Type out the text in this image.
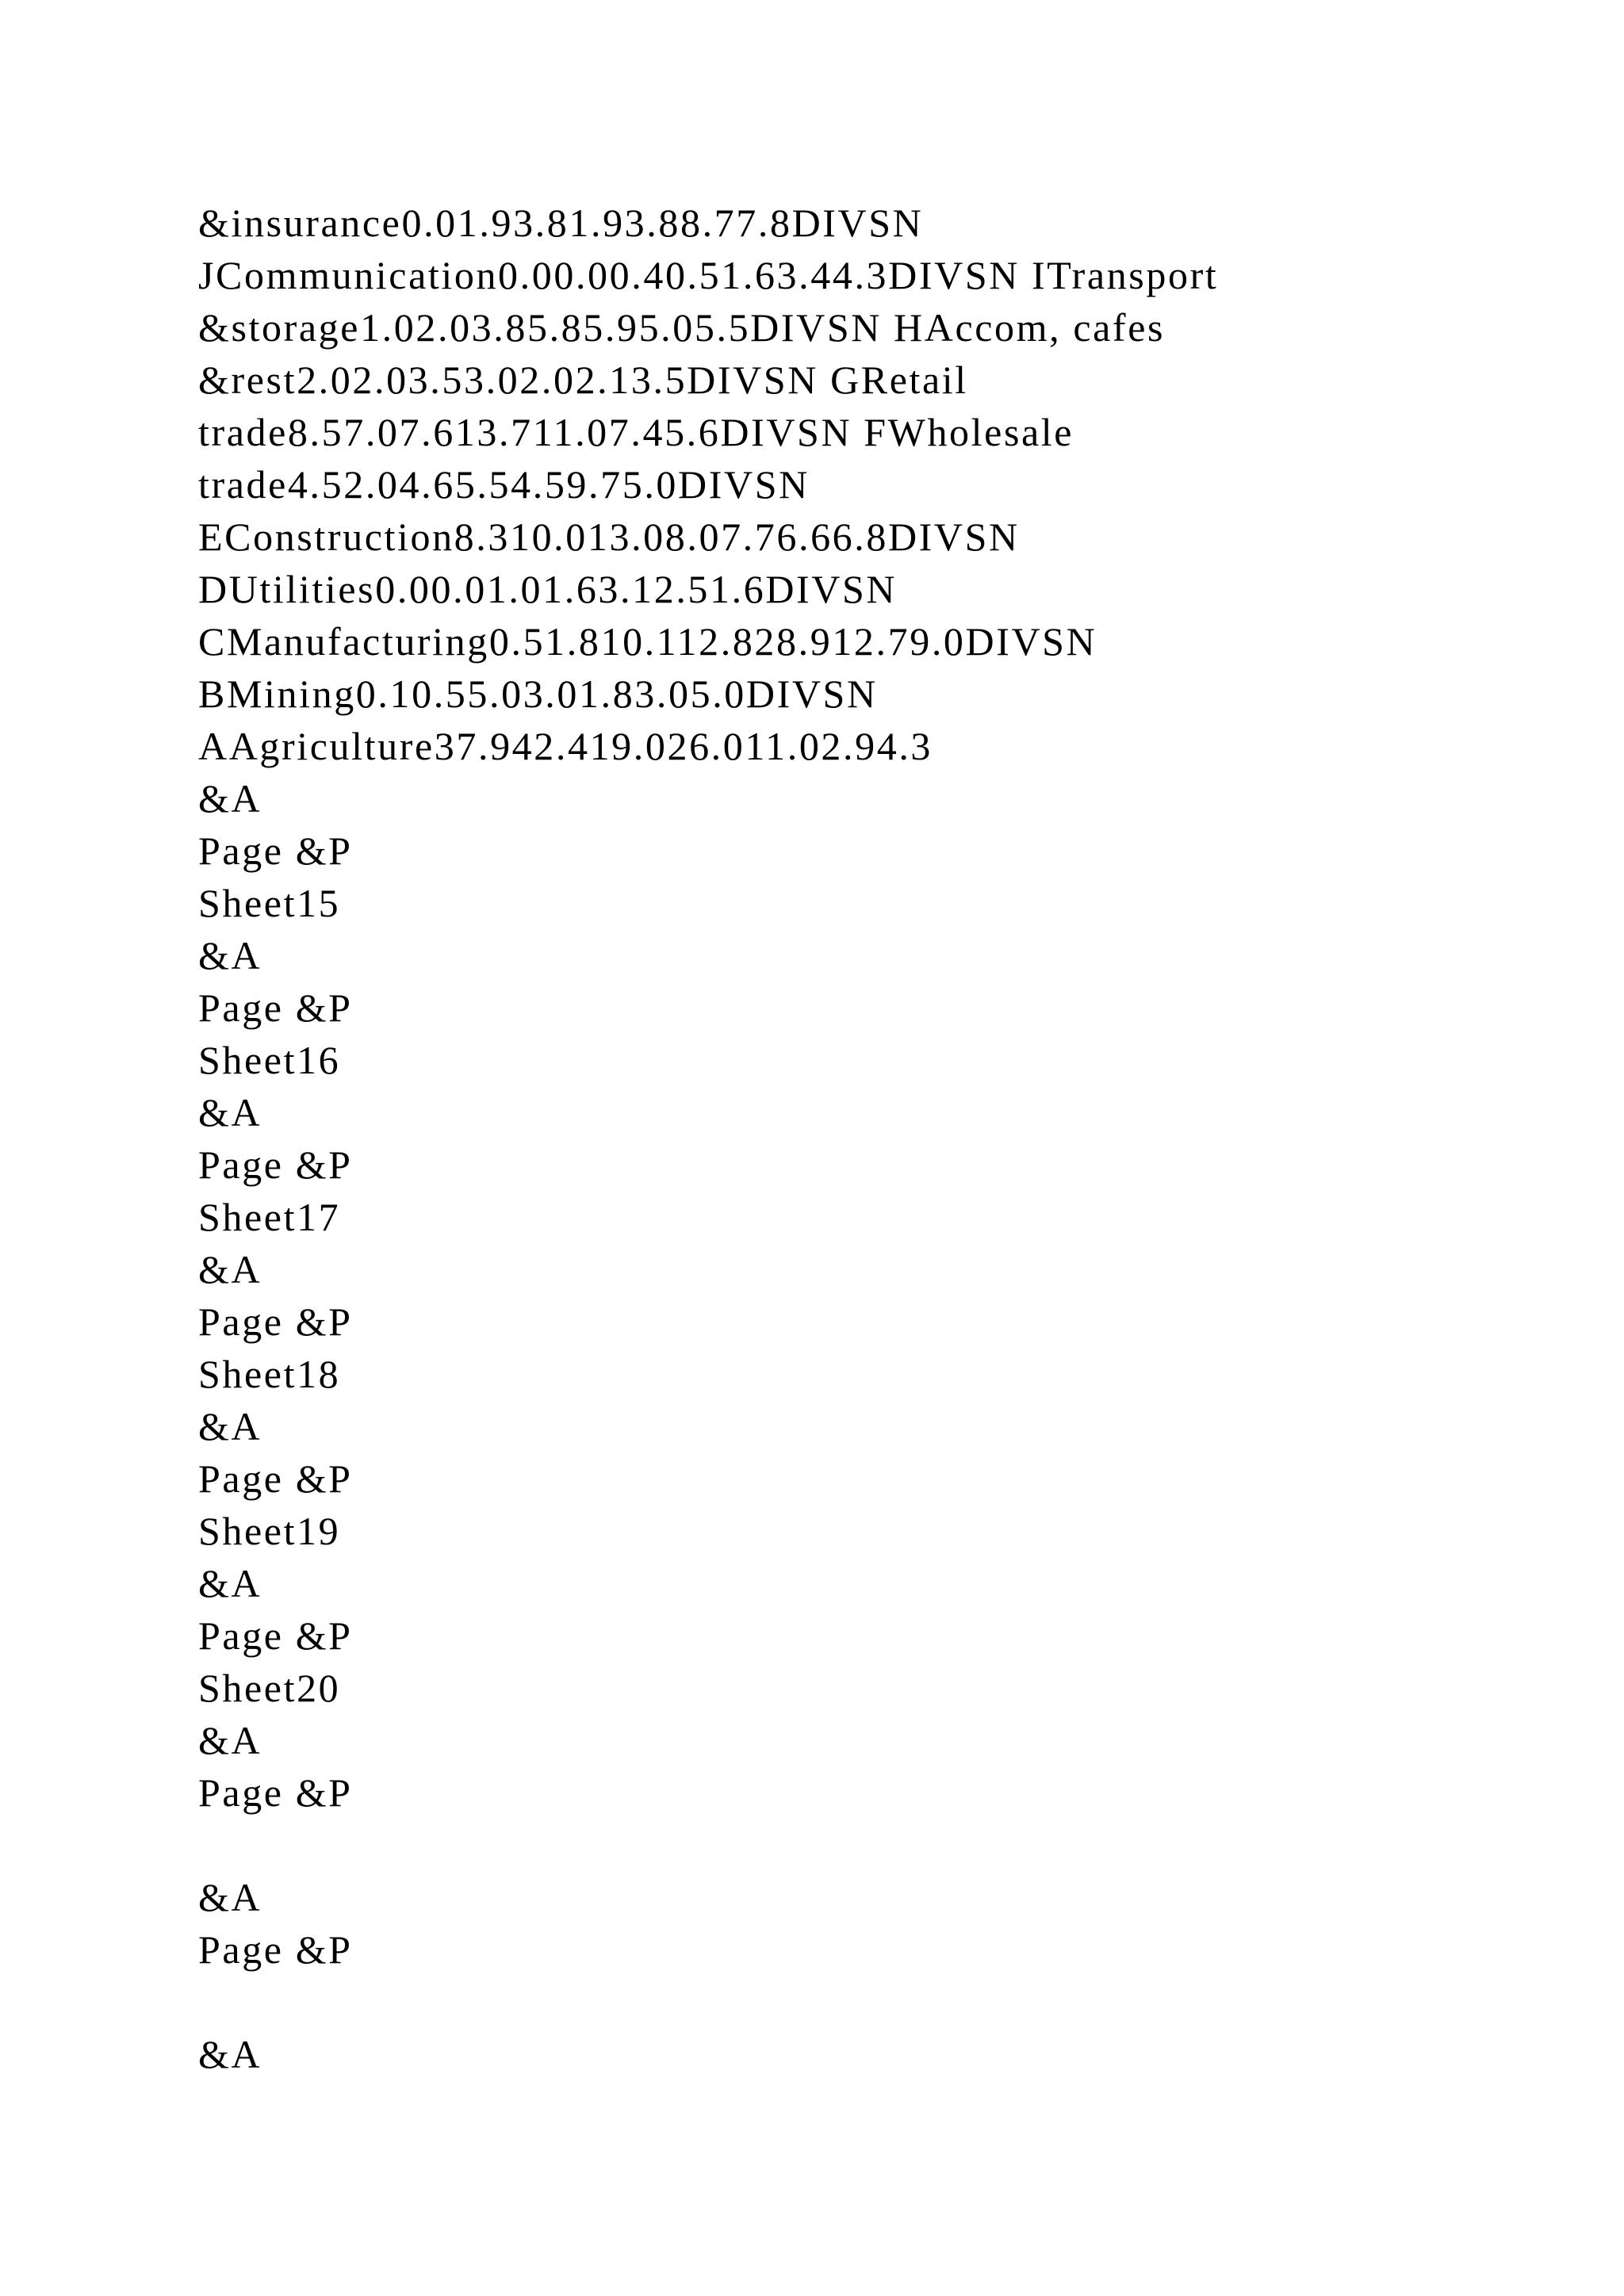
&insurance0.01.93.81.93.88.77.8DIVSN
JCommunication0.00.00.40.51.63.44.3DIVSN ITransport
&storage1.02.03.85.85.95.05.5DIVSN HAccom, cafes
&rest2.02.03.53.02.02.13.5DIVSN GRetail
trade8.57.07.613.711.07.45.6DIVSN FWholesale
trade4.52.04.65.54.59.75.0DIVSN
EConstruction8.310.013.08.07.76.66.8DIVSN
DUtilities0.00.01.01.63.12.51.6DIVSN
CManufacturing0.51.810.112.828.912.79.0DIVSN
BMining0.10.55.03.01.83.05.0DIVSN
AAgriculture37.942.419.026.011.02.94.3
&A
Page &P
Sheet15
&A
Page &P
Sheet16
&A
Page &P
Sheet17
&A
Page &P
Sheet18
&A
Page &P
Sheet19
&A
Page &P
Sheet20
&A
Page &P
&A
Page &P
&A
